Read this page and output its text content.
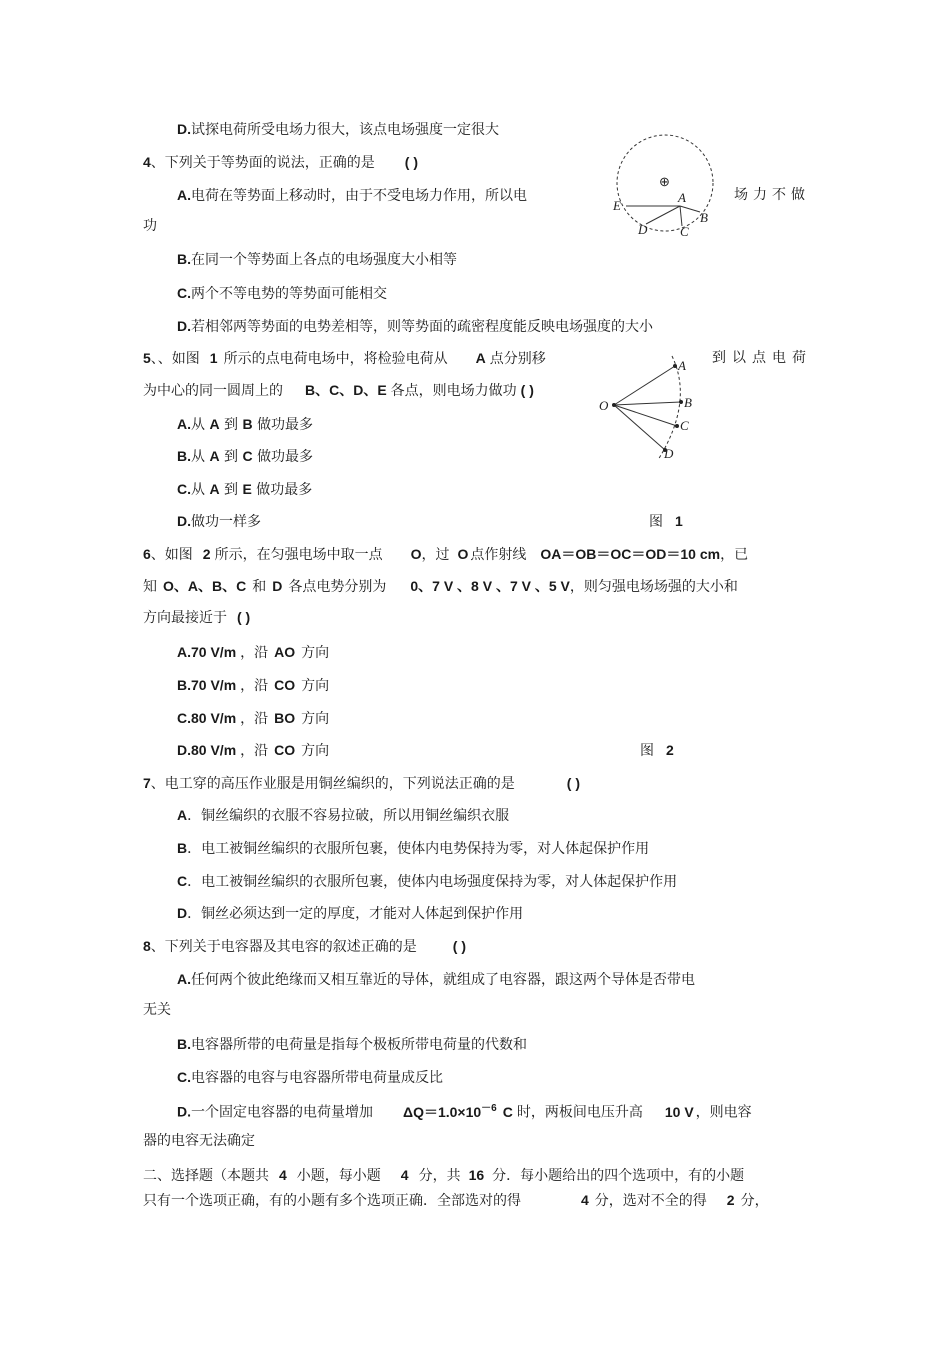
D.试探电荷所受电场力很大，该点电场强度一定很大
4、下列关于等势面的说法，正确的是 ( )
A.电荷在等势面上移动时，由于不受电场力作用，所以电	场力不做
功
B.在同一个等势面上各点的电场强度大小相等
C.两个不等电势的等势面可能相交
D.若相邻两等势面的电势差相等，则等势面的疏密程度能反映电场强度的大小
⊕
A
B
C
D
E
5、、如图 1 所示的点电荷电场中，将检验电荷从 A 点分别移	到以点电荷
为中心的同一圆周上的 B、C、D、E 各点，则电场力做功 ( )
A.从 A 到 B 做功最多
B.从 A 到 C 做功最多
C.从 A 到 E 做功最多
D.做功一样多	图 1
O
A
B
C
D
6、如图 2 所示，在匀强电场中取一点 O，过 O 点作射线 OA＝OB＝OC＝OD＝10 cm，已
知 O、A、B、C 和 D 各点电势分别为 0、7 V 、8 V 、7 V 、5 V，则匀强电场场强的大小和
方向最接近于 ( )
A.70 V/m ，沿 AO 方向
B.70 V/m ，沿 CO 方向
C.80 V/m ，沿 BO 方向
D.80 V/m ，沿 CO 方向	图 2
7、电工穿的高压作业服是用铜丝编织的，下列说法正确的是	( )
A．铜丝编织的衣服不容易拉破，所以用铜丝编织衣服
B．电工被铜丝编织的衣服所包裹，使体内电势保持为零，对人体起保护作用
C．电工被铜丝编织的衣服所包裹，使体内电场强度保持为零，对人体起保护作用
D．铜丝必须达到一定的厚度，才能对人体起到保护作用
8、下列关于电容器及其电容的叙述正确的是	( )
A.任何两个彼此绝缘而又相互靠近的导体，就组成了电容器，跟这两个导体是否带电
无关
B.电容器所带的电荷量是指每个极板所带电荷量的代数和
C.电容器的电容与电容器所带电荷量成反比
D.一个固定电容器的电荷量增加 $\Delta Q=1.0\times 10^{-6}$ C 时，两板间电压升高 10 V ，则电容
器的电容无法确定
二、选择题（本题共 4 小题，每小题 4 分，共 16 分．每小题给出的四个选项中，有的小题
只有一个选项正确，有的小题有多个选项正确．全部选对的得	4 分，选对不全的得 2 分，
